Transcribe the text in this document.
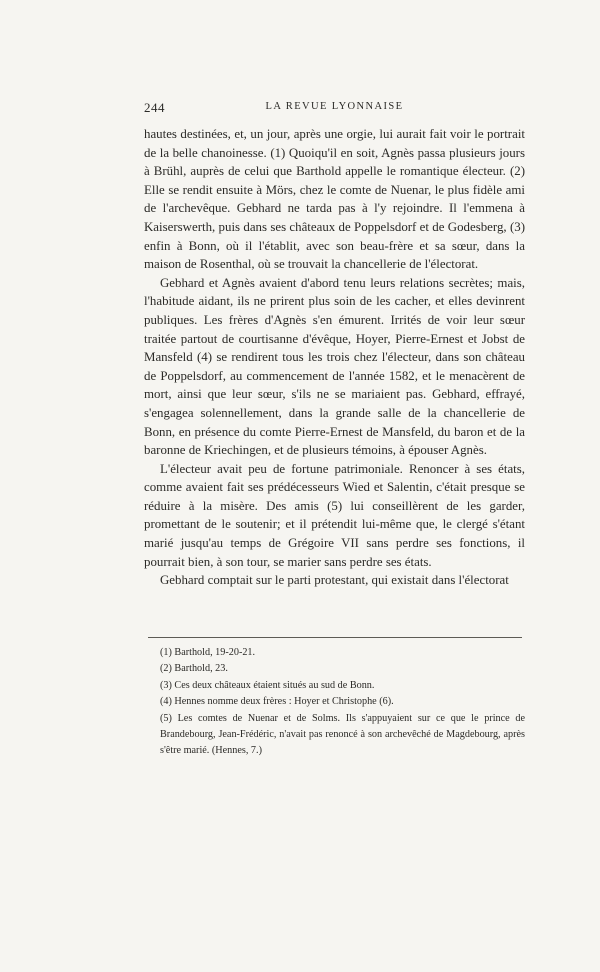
244	LA REVUE LYONNAISE

hautes destinées, et, un jour, après une orgie, lui aurait fait voir le portrait de la belle chanoinesse. (1) Quoiqu'il en soit, Agnès passa plusieurs jours à Brühl, auprès de celui que Barthold appelle le romantique électeur. (2) Elle se rendit ensuite à Mörs, chez le comte de Nuenar, le plus fidèle ami de l'archevêque. Gebhard ne tarda pas à l'y rejoindre. Il l'emmena à Kaiserswerth, puis dans ses châteaux de Poppelsdorf et de Godesberg, (3) enfin à Bonn, où il l'établit, avec son beau-frère et sa sœur, dans la maison de Rosenthal, où se trouvait la chancellerie de l'électorat.

Gebhard et Agnès avaient d'abord tenu leurs relations secrètes; mais, l'habitude aidant, ils ne prirent plus soin de les cacher, et elles devinrent publiques. Les frères d'Agnès s'en émurent. Irrités de voir leur sœur traitée partout de courtisanne d'évêque, Hoyer, Pierre-Ernest et Jobst de Mansfeld (4) se rendirent tous les trois chez l'électeur, dans son château de Poppelsdorf, au commencement de l'année 1582, et le menacèrent de mort, ainsi que leur sœur, s'ils ne se mariaient pas. Gebhard, effrayé, s'engagea solennellement, dans la grande salle de la chancellerie de Bonn, en présence du comte Pierre-Ernest de Mansfeld, du baron et de la baronne de Kriechingen, et de plusieurs témoins, à épouser Agnès.

L'électeur avait peu de fortune patrimoniale. Renoncer à ses états, comme avaient fait ses prédécesseurs Wied et Salentin, c'était presque se réduire à la misère. Des amis (5) lui conseillèrent de les garder, promettant de le soutenir; et il prétendit lui-même que, le clergé s'étant marié jusqu'au temps de Grégoire VII sans perdre ses fonctions, il pourrait bien, à son tour, se marier sans perdre ses états.

Gebhard comptait sur le parti protestant, qui existait dans l'électorat

(1) Barthold, 19-20-21.
(2) Barthold, 23.
(3) Ces deux châteaux étaient situés au sud de Bonn.
(4) Hennes nomme deux frères : Hoyer et Christophe (6).
(5) Les comtes de Nuenar et de Solms. Ils s'appuyaient sur ce que le prince de Brandebourg, Jean-Frédéric, n'avait pas renoncé à son archevêché de Magdebourg, après s'être marié. (Hennes, 7.)
